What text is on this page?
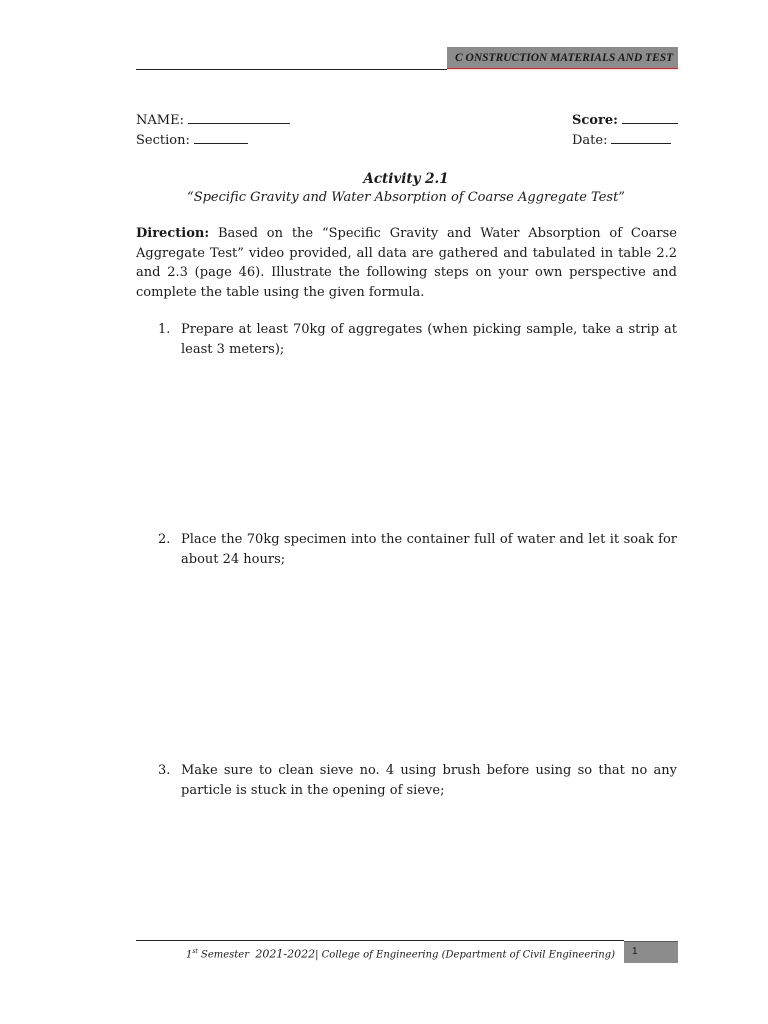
C ONSTRUCTION MATERIALS AND TEST
NAME:
Section:
Score:
Date:
Activity 2.1
“Specific Gravity and Water Absorption of Coarse Aggregate Test”
Direction: Based on the “Specific Gravity and Water Absorption of Coarse Aggregate Test” video provided, all data are gathered and tabulated in table 2.2 and 2.3 (page 46). Illustrate the following steps on your own perspective and complete the table using the given formula.
1. Prepare at least 70kg of aggregates (when picking sample, take a strip at least 3 meters);
2. Place the 70kg specimen into the container full of water and let it soak for about 24 hours;
3. Make sure to clean sieve no. 4 using brush before using so that no any particle is stuck in the opening of sieve;
1st Semester 2021-2022| College of Engineering (Department of Civil Engineering)	1
